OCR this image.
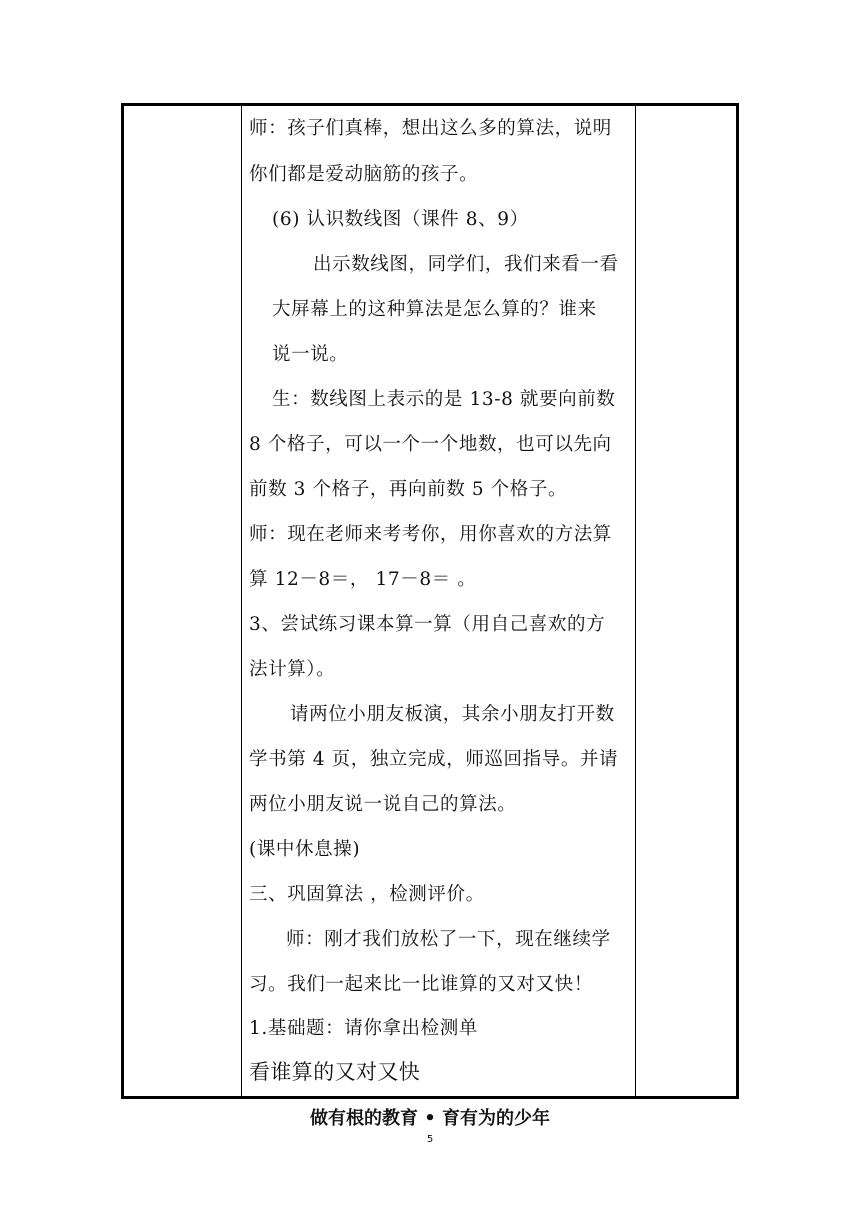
师：孩子们真棒，想出这么多的算法，说明
你们都是爱动脑筋的孩子。
(6) 认识数线图（课件 8、9）
出示数线图，同学们，我们来看一看
大屏幕上的这种算法是怎么算的？谁来
说一说。
生：数线图上表示的是 13-8 就要向前数
8 个格子，可以一个一个地数，也可以先向
前数 3 个格子，再向前数 5 个格子。
师：现在老师来考考你，用你喜欢的方法算
算 12－8＝， 17－8＝ 。
3、尝试练习课本算一算（用自己喜欢的方
法计算）。
请两位小朋友板演，其余小朋友打开数
学书第 4 页，独立完成，师巡回指导。并请
两位小朋友说一说自己的算法。
(课中休息操)
三、巩固算法 ，检测评价。
师：刚才我们放松了一下，现在继续学
习。我们一起来比一比谁算的又对又快！
1.基础题：请你拿出检测单
看谁算的又对又快
做有根的教育 • 育有为的少年
5
